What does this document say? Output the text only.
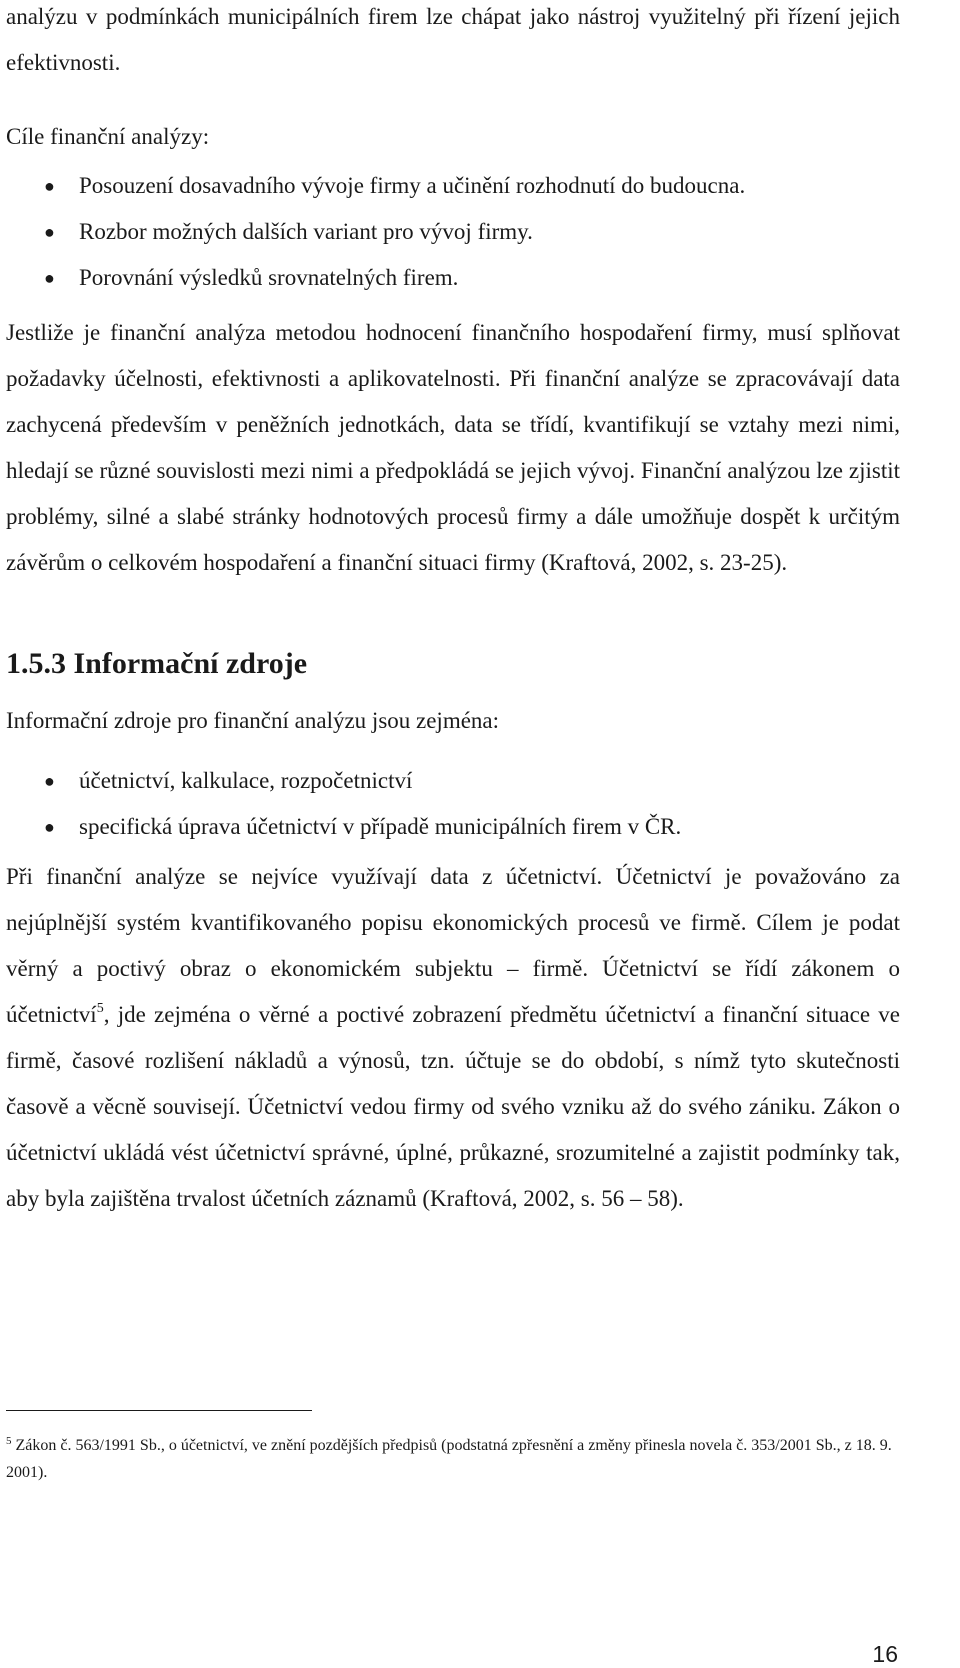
analýzu v podmínkách municipálních firem lze chápat jako nástroj využitelný při řízení jejich efektivnosti.

Cíle finanční analýzy:

● Posouzení dosavadního vývoje firmy a učinění rozhodnutí do budoucna.
● Rozbor možných dalších variant pro vývoj firmy.
● Porovnání výsledků srovnatelných firem.

Jestliže je finanční analýza metodou hodnocení finančního hospodaření firmy, musí splňovat požadavky účelnosti, efektivnosti a aplikovatelnosti. Při finanční analýze se zpracovávají data zachycená především v peněžních jednotkách, data se třídí, kvantifikují se vztahy mezi nimi, hledají se různé souvislosti mezi nimi a předpokládá se jejich vývoj. Finanční analýzou lze zjistit problémy, silné a slabé stránky hodnotových procesů firmy a dále umožňuje dospět k určitým závěrům o celkovém hospodaření a finanční situaci firmy (Kraftová, 2002, s. 23-25).

1.5.3 Informační zdroje

Informační zdroje pro finanční analýzu jsou zejména:

● účetnictví, kalkulace, rozpočetnictví
● specifická úprava účetnictví v případě municipálních firem v ČR.

Při finanční analýze se nejvíce využívají data z účetnictví. Účetnictví je považováno za nejúplnější systém kvantifikovaného popisu ekonomických procesů ve firmě. Cílem je podat věrný a poctivý obraz o ekonomickém subjektu – firmě. Účetnictví se řídí zákonem o účetnictví$^5$, jde zejména o věrné a poctivé zobrazení předmětu účetnictví a finanční situace ve firmě, časové rozlišení nákladů a výnosů, tzn. účtuje se do období, s nímž tyto skutečnosti časově a věcně souvisejí. Účetnictví vedou firmy od svého vzniku až do svého zániku. Zákon o účetnictví ukládá vést účetnictví správné, úplné, průkazné, srozumitelné a zajistit podmínky tak, aby byla zajištěna trvalost účetních záznamů (Kraftová, 2002, s. 56 – 58).

$^5$ Zákon č. 563/1991 Sb., o účetnictví, ve znění pozdějších předpisů (podstatná zpřesnění a změny přinesla novela č. 353/2001 Sb., z 18. 9. 2001).
16
